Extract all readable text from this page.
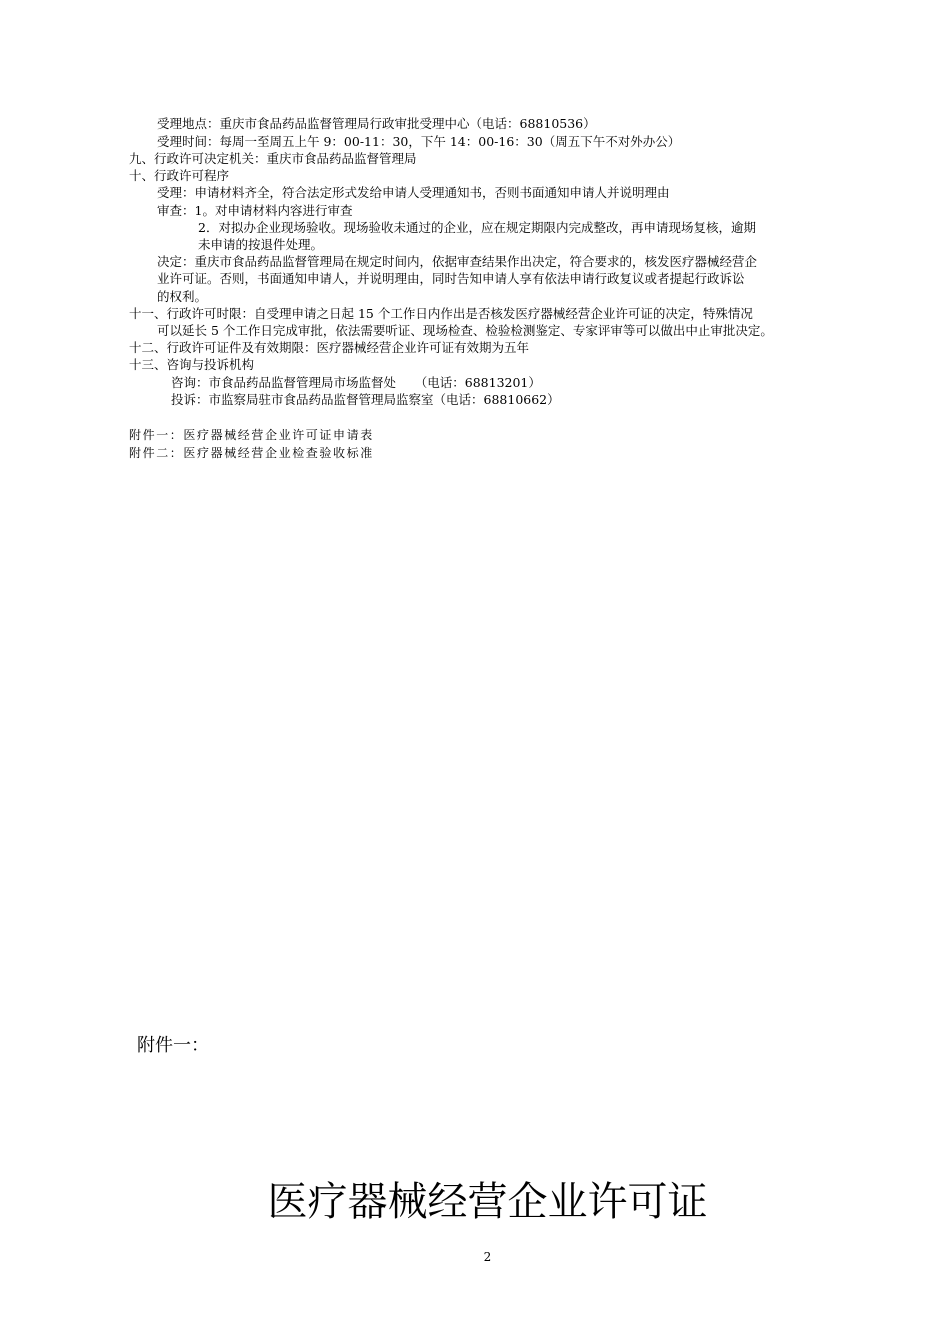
受理地点：重庆市食品药品监督管理局行政审批受理中心（电话：68810536）
受理时间：每周一至周五上午 9：00-11：30，下午 14：00-16：30（周五下午不对外办公）
九、行政许可决定机关：重庆市食品药品监督管理局
十、行政许可程序
受理：申请材料齐全，符合法定形式发给申请人受理通知书，否则书面通知申请人并说明理由
审查：1。对申请材料内容进行审查
2．对拟办企业现场验收。现场验收未通过的企业，应在规定期限内完成整改，再申请现场复核，逾期
未申请的按退件处理。
决定：重庆市食品药品监督管理局在规定时间内，依据审查结果作出决定，符合要求的，核发医疗器械经营企
业许可证。否则，书面通知申请人，并说明理由，同时告知申请人享有依法申请行政复议或者提起行政诉讼
的权利。
十一、行政许可时限：自受理申请之日起 15 个工作日内作出是否核发医疗器械经营企业许可证的决定，特殊情况
可以延长 5 个工作日完成审批，依法需要听证、现场检查、检验检测鉴定、专家评审等可以做出中止审批决定。
十二、行政许可证件及有效期限：医疗器械经营企业许可证有效期为五年
十三、咨询与投诉机构
咨询：市食品药品监督管理局市场监督处　　（电话：68813201）
投诉：市监察局驻市食品药品监督管理局监察室（电话：68810662）
附件一：医疗器械经营企业许可证申请表
附件二：医疗器械经营企业检查验收标准
附件一：
医疗器械经营企业许可证
2
